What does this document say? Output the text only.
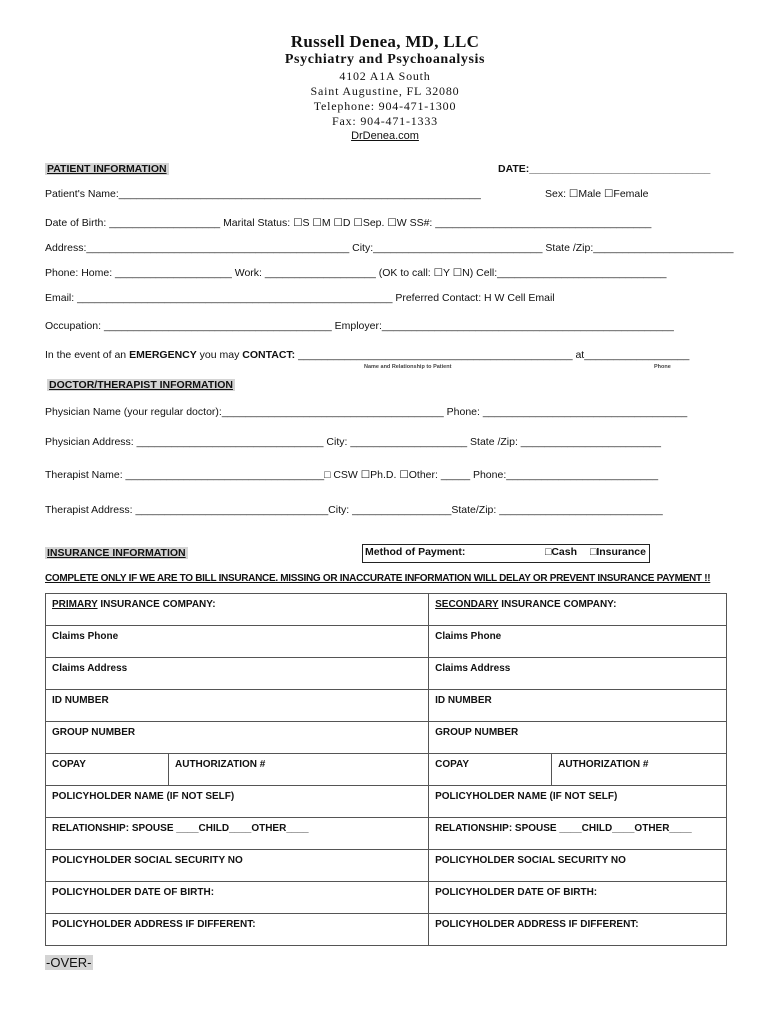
Russell Denea, MD, LLC
Psychiatry and Psychoanalysis
4102 A1A South
Saint Augustine, FL 32080
Telephone: 904-471-1300
Fax: 904-471-1333
DrDenea.com
PATIENT INFORMATION	DATE:_______________________________
Patient's Name:______________________________________________________________	Sex: ☐Male ☐Female
Date of Birth: ___________________ Marital Status: ☐S ☐M ☐D ☐Sep. ☐W SS#: _____________________________________
Address:_____________________________________________ City:_____________________________ State /Zip:________________________
Phone: Home: ____________________ Work: ___________________ (OK to call: ☐Y ☐N) Cell:_____________________________
Email: ______________________________________________________ Preferred Contact: H W Cell Email
Occupation: _______________________________________ Employer:__________________________________________________
In the event of an EMERGENCY you may CONTACT: _______________________________________________ at__________________
Name and Relationship to Patient	Phone
DOCTOR/THERAPIST INFORMATION
Physician Name (your regular doctor):______________________________________ Phone: ___________________________________
Physician Address: ________________________________ City: ____________________ State /Zip: ________________________
Therapist Name: __________________________________□ CSW ☐Ph.D. ☐Other: _____ Phone:__________________________
Therapist Address: _________________________________City: _________________State/Zip: ____________________________
INSURANCE INFORMATION	Method of Payment:	□Cash □Insurance
COMPLETE ONLY IF WE ARE TO BILL INSURANCE. MISSING OR INACCURATE INFORMATION WILL DELAY OR PREVENT INSURANCE PAYMENT !!
PRIMARY INSURANCE COMPANY:		SECONDARY INSURANCE COMPANY:	
Claims Phone		Claims Phone	
Claims Address		Claims Address	
ID NUMBER		ID NUMBER	
GROUP NUMBER		GROUP NUMBER	
COPAY	AUTHORIZATION #	COPAY	AUTHORIZATION #
POLICYHOLDER NAME (IF NOT SELF)		POLICYHOLDER NAME (IF NOT SELF)	
RELATIONSHIP: SPOUSE ____CHILD____OTHER____		RELATIONSHIP: SPOUSE ____CHILD____OTHER____	
POLICYHOLDER SOCIAL SECURITY NO		POLICYHOLDER SOCIAL SECURITY NO	
POLICYHOLDER DATE OF BIRTH:		POLICYHOLDER DATE OF BIRTH:	
POLICYHOLDER ADDRESS IF DIFFERENT:		POLICYHOLDER ADDRESS IF DIFFERENT:	
-OVER-
